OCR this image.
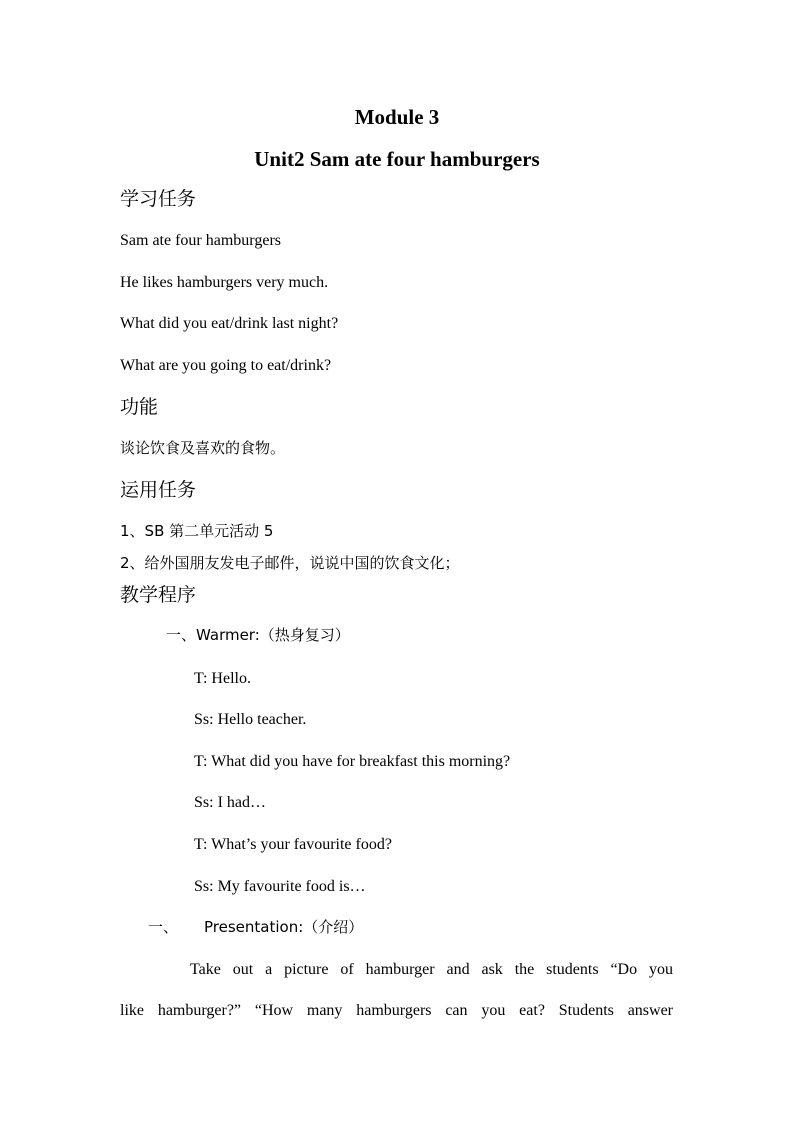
Module 3
Unit2 Sam ate four hamburgers
学习任务
Sam ate four hamburgers
He likes hamburgers very much.
What did you eat/drink last night?
What are you going to eat/drink?
功能
谈论饮食及喜欢的食物。
运用任务
1、SB 第二单元活动 5
2、给外国朋友发电子邮件，说说中国的饮食文化；
教学程序
一、Warmer:（热身复习）
T: Hello.
Ss: Hello teacher.
T: What did you have for breakfast this morning?
Ss: I had…
T: What’s your favourite food?
Ss: My favourite food is…
一、 Presentation:（介绍）
Take out a picture of hamburger and ask the students “Do you
like hamburger?” “How many hamburgers can you eat? Students answer
